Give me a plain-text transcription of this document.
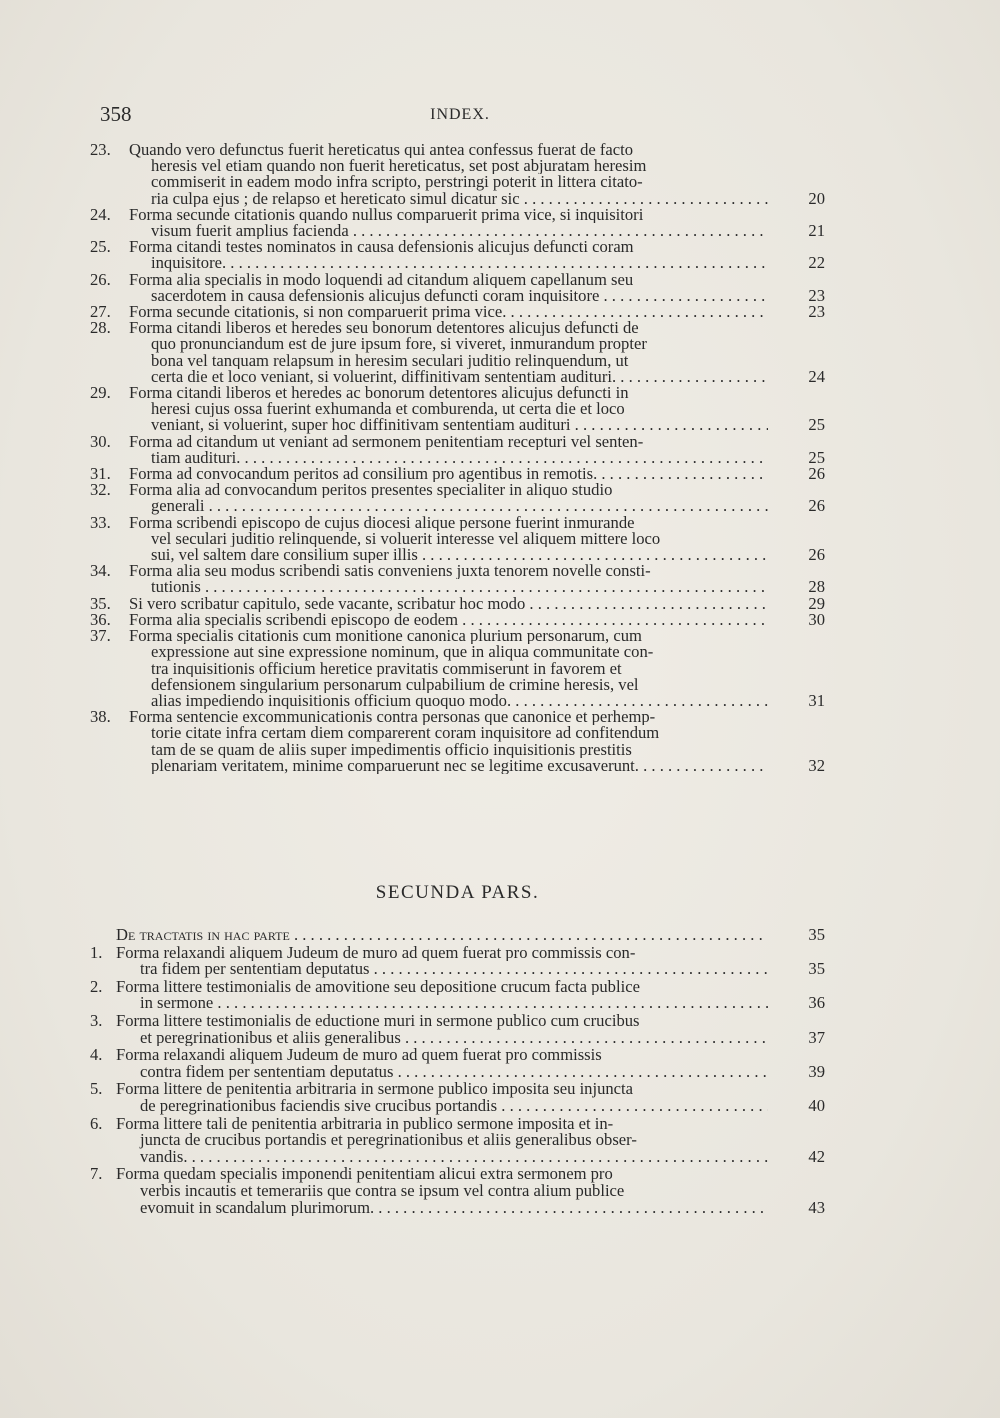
358	INDEX.
23. Quando vero defunctus fuerit hereticatus qui antea confessus fuerat de facto
heresis vel etiam quando non fuerit hereticatus, set post abjuratam heresim
commiserit in eadem modo infra scripto, perstringi poterit in littera citato-
ria culpa ejus ; de relapso et hereticato simul dicatur sic . . .	20
24. Forma secunde citationis quando nullus comparuerit prima vice, si inquisitori
visum fuerit amplius facienda . . .	21
25. Forma citandi testes nominatos in causa defensionis alicujus defuncti coram
inquisitore. . . .	22
26. Forma alia specialis in modo loquendi ad citandum aliquem capellanum seu
sacerdotem in causa defensionis alicujus defuncti coram inquisitore . . .	23
27. Forma secunde citationis, si non comparuerit prima vice. . . .	23
28. Forma citandi liberos et heredes seu bonorum detentores alicujus defuncti de
quo pronunciandum est de jure ipsum fore, si viveret, inmurandum propter
bona vel tanquam relapsum in heresim seculari juditio relinquendum, ut
certa die et loco veniant, si voluerint, diffinitivam sententiam audituri. . . .	24
29. Forma citandi liberos et heredes ac bonorum detentores alicujus defuncti in
heresi cujus ossa fuerint exhumanda et comburenda, ut certa die et loco
veniant, si voluerint, super hoc diffinitivam sententiam audituri . . .	25
30. Forma ad citandum ut veniant ad sermonem penitentiam recepturi vel senten-
tiam audituri. . . .	25
31. Forma ad convocandum peritos ad consilium pro agentibus in remotis. . . .	26
32. Forma alia ad convocandum peritos presentes specialiter in aliquo studio
generali . . .	26
33. Forma scribendi episcopo de cujus diocesi alique persone fuerint inmurande
vel seculari juditio relinquende, si voluerit interesse vel aliquem mittere loco
sui, vel saltem dare consilium super illis . . .	26
34. Forma alia seu modus scribendi satis conveniens juxta tenorem novelle consti-
tutionis . . .	28
35. Si vero scribatur capitulo, sede vacante, scribatur hoc modo . . .	29
36. Forma alia specialis scribendi episcopo de eodem . . .	30
37. Forma specialis citationis cum monitione canonica plurium personarum, cum
expressione aut sine expressione nominum, que in aliqua communitate con-
tra inquisitionis officium heretice pravitatis commiserunt in favorem et
defensionem singularium personarum culpabilium de crimine heresis, vel
alias impediendo inquisitionis officium quoquo modo. . . .	31
38. Forma sentencie excommunicationis contra personas que canonice et perhemp-
torie citate infra certam diem comparerent coram inquisitore ad confitendum
tam de se quam de aliis super impedimentis officio inquisitionis prestitis
plenariam veritatem, minime comparuerunt nec se legitime excusaverunt. . . .	32
SECUNDA PARS.
De tractatis in hac parte . . .	35
1. Forma relaxandi aliquem Judeum de muro ad quem fuerat pro commissis con-
tra fidem per sententiam deputatus . . .	35
2. Forma littere testimonialis de amovitione seu depositione crucum facta publice
in sermone . . .	36
3. Forma littere testimonialis de eductione muri in sermone publico cum crucibus
et peregrinationibus et aliis generalibus . . .	37
4. Forma relaxandi aliquem Judeum de muro ad quem fuerat pro commissis
contra fidem per sententiam deputatus . . .	39
5. Forma littere de penitentia arbitraria in sermone publico imposita seu injuncta
de peregrinationibus faciendis sive crucibus portandis . . .	40
6. Forma littere tali de penitentia arbitraria in publico sermone imposita et in-
juncta de crucibus portandis et peregrinationibus et aliis generalibus obser-
vandis. . . .	42
7. Forma quedam specialis imponendi penitentiam alicui extra sermonem pro
verbis incautis et temerariis que contra se ipsum vel contra alium publice
evomuit in scandalum plurimorum. . . .	43
